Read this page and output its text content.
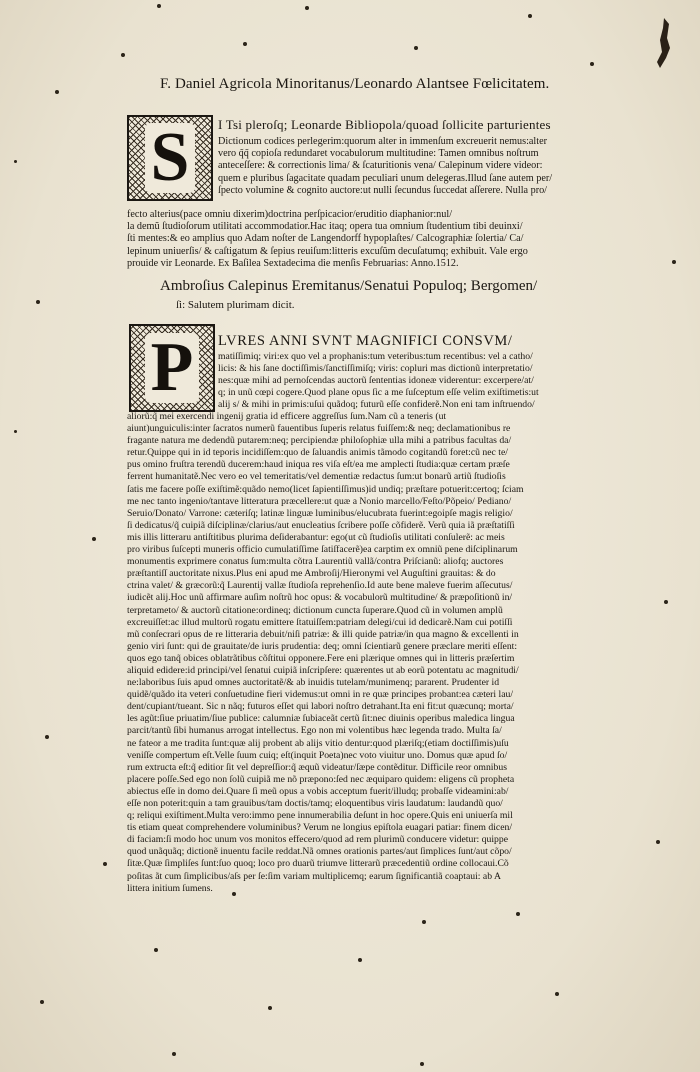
F. Daniel Agricola Minoritanus/Leonardo Alantsee Fœlicitatem.
S	I Tsi pleroſq; Leonarde Bibliopola/quoad ſollicite parturientes
Dictionum codices perlegerim:quorum alter in immenſum excreuerit nemus:alter
vero q̃q̃ copioſa redundaret vocabulorum multitudine: Tamen omnibus noſtrum
anteceſſere: & correctionis lima/ & ſcaturitionis vena/ Calepinum videre videor:
quem e pluribus ſagacitate quadam peculiari unum delegeras.Illud ſane autem per/
ſpecto volumine & cognito auctore:ut nulli ſecundus ſuccedat aſſerere. Nulla pro/
fecto alterius(pace omniu dixerim)doctrina perſpicacior/eruditio diaphanior:nul/
la demũ ſtudioſorum utilitati accommodatior.Hac itaq; opera tua omnium ſtudentium tibi deuinxi/
ſti mentes:& eo amplius quo Adam noſter de Langendorff hypoplaſtes/ Calcographiæ ſolertia/ Ca/
lepinum uniuerſis/ & caſtigatum & ſepius reuiſum:litteris excuſũm decuſatumq; exhibuit. Vale ergo
prouide vir Leonarde. Ex Baſilea Sextadecima die menſis Februarias: Anno.1512.
Ambroſius Calepinus Eremitanus/Senatui Populoq; Bergomen/
ſi: Salutem plurimam dicit.
P	LVRES ANNI SVNT MAGNIFICI CONSVM/
matiſſimiq; viri:ex quo vel a prophanis:tum veteribus:tum recentibus: vel a catho/
licis: & his ſane doctiſſimis/ſanctiſſimiſq; viris: copluri mas dictionũ interpretatio/
nes:quæ mihi ad pernoſcendas auctorũ ſententias idoneæ viderentur: excerpere/at/
q; in unũ cœpi cogere.Quod plane opus ſic a me ſuſceptum eſſe velim exiſtimetis:ut
alij s/ & mihi in primis:uſui quãdoq; futurũ eſſe confiderẽ.Non eni tam inſtruendo/
aliorũ:q̃ mei exercendi ingenij gratia id efficere aggreſſus ſum.Nam cũ a teneris (ut
aiunt)unguiculis:inter ſacratos numerũ fauentibus ſuperis relatus fuiſſem:& neq; declamationibus re
fragante natura me dedendũ putarem:neq; percipiendæ philoſophiæ ulla mihi a patribus facultas da/
retur.Quippe qui in id teporis incidiſſem:quo de ſaluandis animis tãmodo cogitandũ foret:cũ nec te/
pus omino fruſtra terendũ ducerem:haud iniqua res viſa eſt/ea me amplecti ſtudia:quæ certam præſe
ferrent humanitatẽ.Nec vero eo vel temeritatis/vel dementiæ redactus ſum:ut bonarũ artiũ ſtudioſis
ſatis me facere poſſe exiſtimẽ:quãdo nemo(licet ſapientiſſimus)id undiq; præſtare potuerit:certoq; ſciam
me nec tanto ingenio/tantave litteratura præcellere:ut quæ a Nonio marcello/Feſto/Põpeio/ Pediano/
Seruio/Donato/ Varrone: cæteriſq; latinæ linguæ luminibus/elucubrata fuerint:egoipſe magis religio/
ſi dedicatus/q̃ cuipiã diſciplinæ/clarius/aut enucleatius ſcribere poſſe cõfiderẽ. Verũ quia iã præſtatiſſi
mis illis litteraru antiſtitibus plurima deſiderabantur: ego(ut cũ ſtudioſis utilitati conſulerẽ: ac meis
pro viribus ſuſcepti muneris officio cumulatiſſime ſatiſfacerẽ)ea carptim ex omniũ pene diſciplinarum
monumentis exprimere conatus ſum:multa cõtra Laurentiũ vallã/contra Priſcianũ: aliofq; auctores
præſtantiſſ auctoritate nixus.Plus eni apud me Ambroſij/Hieronymi vel Auguſtini grauitas: & do
ctrina valet/ & græcorũ:q̃ Laurentij vallæ ſtudioſa reprehenſio.Id aute bene maleve fuerim aſſecutus/
iudicẽt alij.Hoc unũ affirmare auſim noſtrũ hoc opus: & vocabulorũ multitudine/ & præpoſitionũ in/
terpretameto/ & auctorũ citatione:ordineq; dictionum cuncta ſuperare.Quod cũ in volumen amplũ
excreuiſſet:ac illud multorũ rogatu emittere ſtatuiſſem:patriam delegi/cui id dedicarẽ.Nam cui potiſſi
mũ conſecrari opus de re litteraria debuit/niſi patriæ: & illi quide patriæ/in qua magno & excellenti in
genio viri ſunt: qui de grauitate/de iuris prudentia: deq; omni ſcientiarũ genere præclare meriti eſſent:
quos ego tanq̃ obices oblatrãtibus cõſtitui opponere.Fere eni plærique omnes qui in litteris præſertim
aliquid edidere:id principi/vel ſenatui cuipiã inſcripſere: quærentes ut ab eorũ potentatu ac magnitudi/
ne:laboribus ſuis apud omnes auctoritatẽ/& ab inuidis tutelam/munimenq; pararent. Prudenter id
quidẽ/quãdo ita veteri conſuetudine fieri videmus:ut omni in re quæ principes probant:ea cæteri lau/
dent/cupiant/tueant. Sic n nãq; futuros eſſet qui labori noſtro detrahant.Ita eni fit:ut quæcunq; morta/
les agũt:ſiue priuatim/ſiue publice: calumniæ ſubiaceãt certũ ſit:nec diuinis operibus maledica lingua
parcit/tantũ ſibi humanus arrogat intellectus. Ego non mi volentibus hæc legenda trado. Multa ſa/
ne fateor a me tradita ſunt:quæ alij probent ab alijs vitio dentur:quod plæriſq;(etiam doctiſſimis)uſu
veniſſe compertum eſt.Velle ſuum cuiq; eſt(inquit Poeta)nec voto viuitur uno. Domus quæ apud ſo/
rum extructa eſt:q̃ editior ſit vel depreſſior:q̃ æquũ videatur/ſæpe contẽditur. Difficile reor omnibus
placere poſſe.Sed ego non ſolũ cuipiã me nõ præpono:ſed nec æquiparo quidem: eligens cũ propheta
abiectus eſſe in domo dei.Quare ſi meũ opus a vobis acceptum fuerit/illudq; probaſſe videamini:ab/
eſſe non poterit:quin a tam grauibus/tam doctis/tamq; eloquentibus viris laudatum: laudandũ quo/
q; reliqui exiſtiment.Multa vero:immo pene innumerabilia deſunt in hoc opere.Quis eni uniuerſa mil
tis etiam queat comprehendere voluminibus? Verum ne longius epiſtola euagari patiar: finem dicen/
di faciam:ſi modo hoc unum vos monitos effecero/quod ad rem plurimũ conducere videtur: quippe
quod unãquãq; dictionẽ inuentu facile reddat.Nã omnes orationis partes/aut ſimplices ſunt/aut cõpo/
ſitæ.Quæ ſimpliſes ſunt:ſuo quoq; loco pro duarũ triumve litterarũ præcedentiũ ordine collocaui.Cõ
poſitas ãt cum ſimplicibus/aſs per ſe:ſim variam multiplicemq; earum ſignificantiã coaptaui: ab A
littera initium ſumens.
